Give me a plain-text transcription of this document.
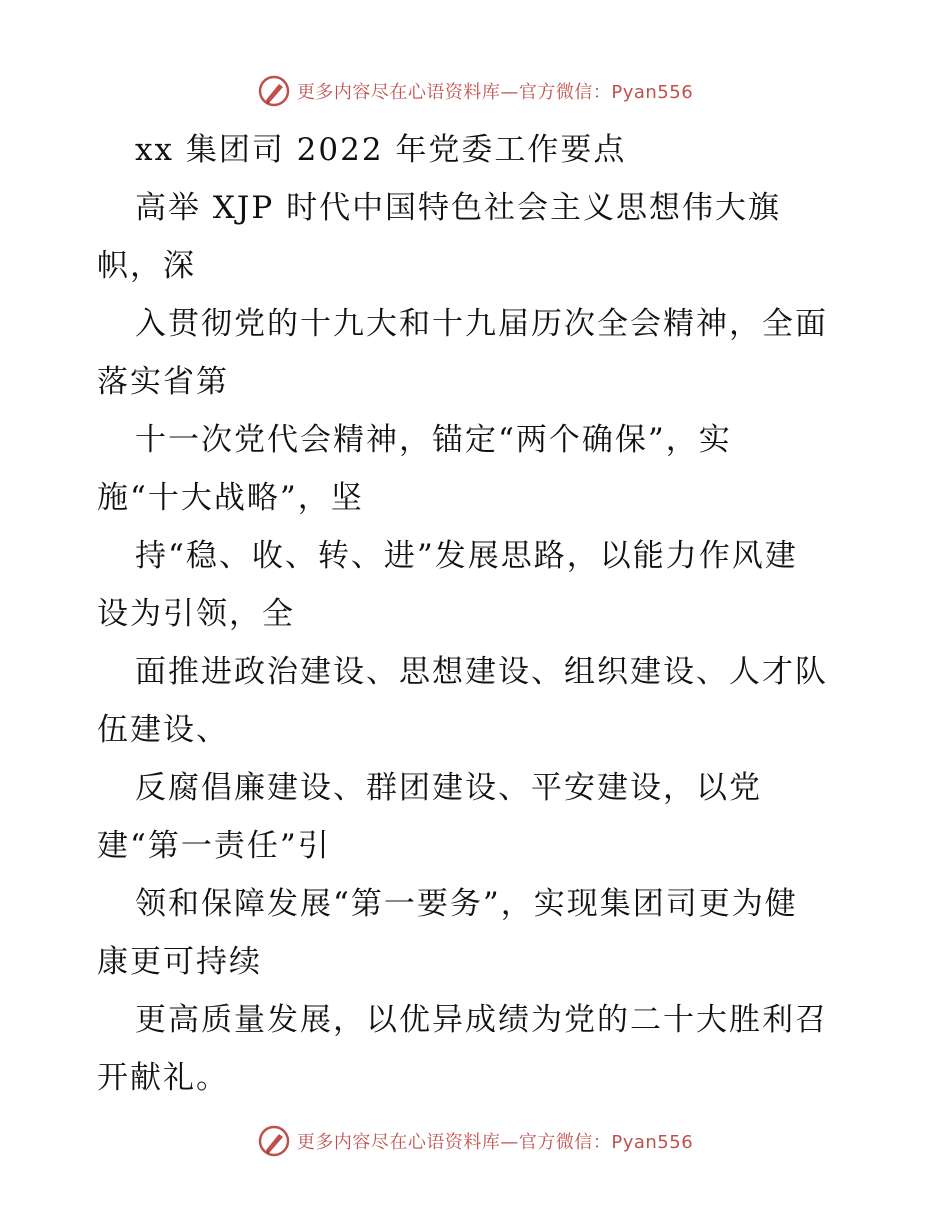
更多内容尽在心语资料库—官方微信：Pyan556
xx 集团司 2022 年党委工作要点
高举 XJP 时代中国特色社会主义思想伟大旗
帜，深
入贯彻党的十九大和十九届历次全会精神，全面
落实省第
十一次党代会精神，锚定“两个确保”，实
施“十大战略”，坚
持“稳、收、转、进”发展思路，以能力作风建
设为引领，全
面推进政治建设、思想建设、组织建设、人才队
伍建设、
反腐倡廉建设、群团建设、平安建设，以党
建“第一责任”引
领和保障发展“第一要务”，实现集团司更为健
康更可持续
更高质量发展，以优异成绩为党的二十大胜利召
开献礼。
更多内容尽在心语资料库—官方微信：Pyan556
